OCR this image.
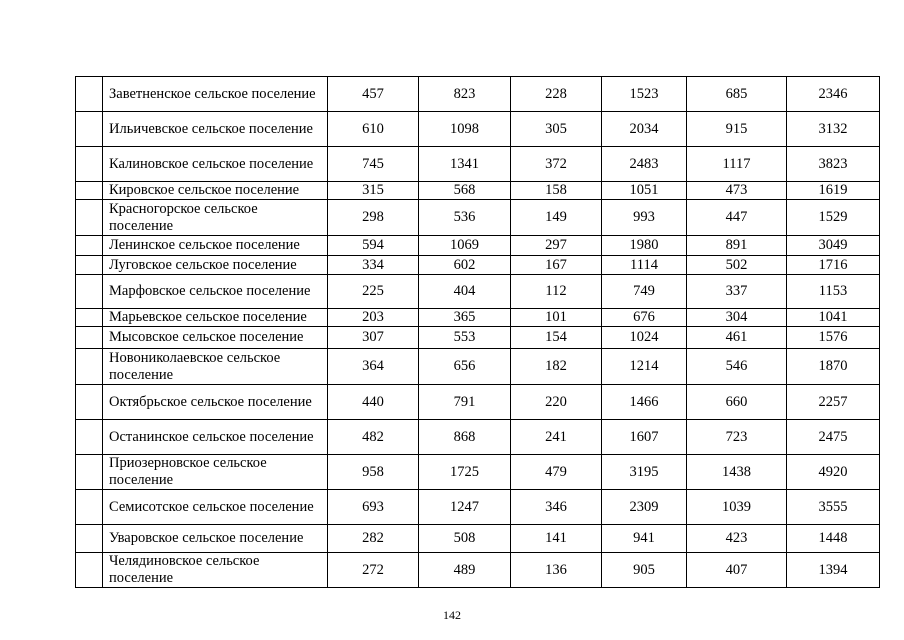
	Заветненское сельское поселение	457	823	228	1523	685	2346
	Ильичевское сельское поселение	610	1098	305	2034	915	3132
	Калиновское сельское поселение	745	1341	372	2483	1117	3823
	Кировское сельское поселение	315	568	158	1051	473	1619
	Красногорское сельское поселение	298	536	149	993	447	1529
	Ленинское сельское поселение	594	1069	297	1980	891	3049
	Луговское сельское поселение	334	602	167	1114	502	1716
	Марфовское сельское поселение	225	404	112	749	337	1153
	Марьевское сельское поселение	203	365	101	676	304	1041
	Мысовское сельское поселение	307	553	154	1024	461	1576
	Новониколаевское сельское поселение	364	656	182	1214	546	1870
	Октябрьское сельское поселение	440	791	220	1466	660	2257
	Останинское сельское поселение	482	868	241	1607	723	2475
	Приозерновское сельское поселение	958	1725	479	3195	1438	4920
	Семисотское сельское поселение	693	1247	346	2309	1039	3555
	Уваровское сельское поселение	282	508	141	941	423	1448
	Челядиновское сельское поселение	272	489	136	905	407	1394
142
